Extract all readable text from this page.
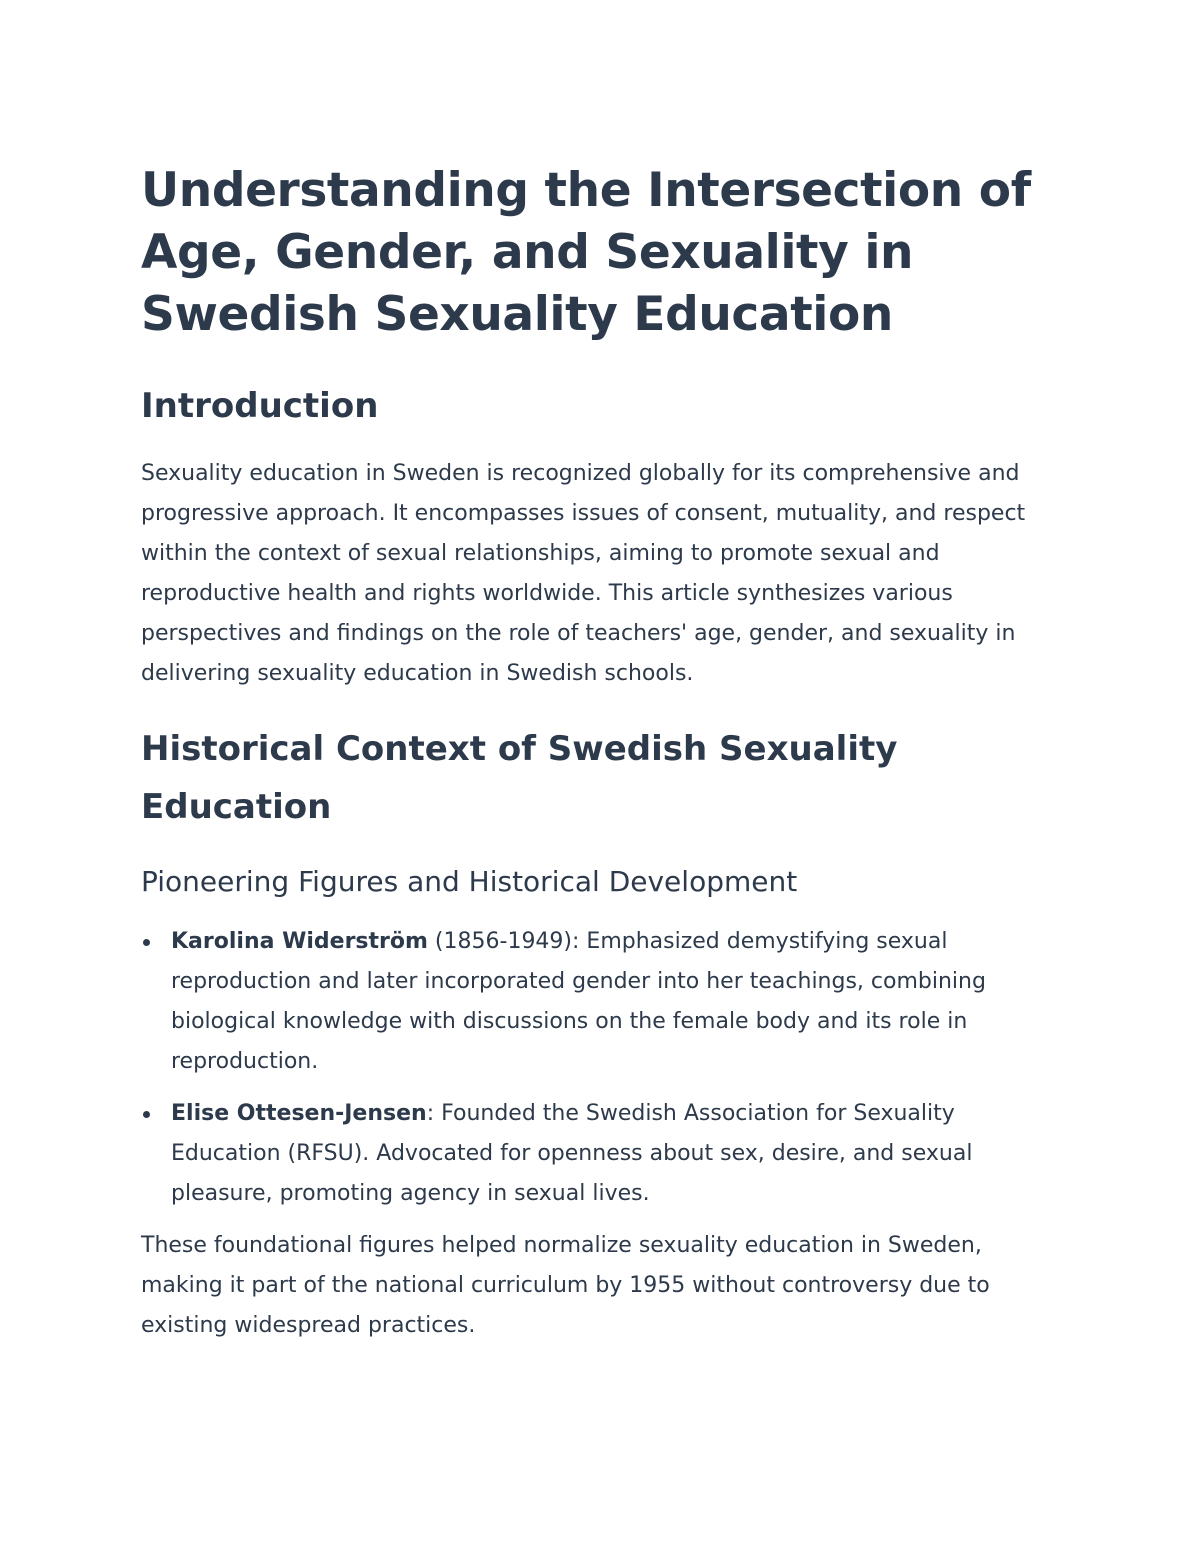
Understanding the Intersection of Age, Gender, and Sexuality in Swedish Sexuality Education
Introduction

Sexuality education in Sweden is recognized globally for its comprehensive and progressive approach. It encompasses issues of consent, mutuality, and respect within the context of sexual relationships, aiming to promote sexual and reproductive health and rights worldwide. This article synthesizes various perspectives and findings on the role of teachers' age, gender, and sexuality in delivering sexuality education in Swedish schools.

Historical Context of Swedish Sexuality Education
Pioneering Figures and Historical Development
Karolina Widerström (1856-1949): Emphasized demystifying sexual reproduction and later incorporated gender into her teachings, combining biological knowledge with discussions on the female body and its role in reproduction.
Elise Ottesen-Jensen: Founded the Swedish Association for Sexuality Education (RFSU). Advocated for openness about sex, desire, and sexual pleasure, promoting agency in sexual lives.

These foundational figures helped normalize sexuality education in Sweden, making it part of the national curriculum by 1955 without controversy due to existing widespread practices.
